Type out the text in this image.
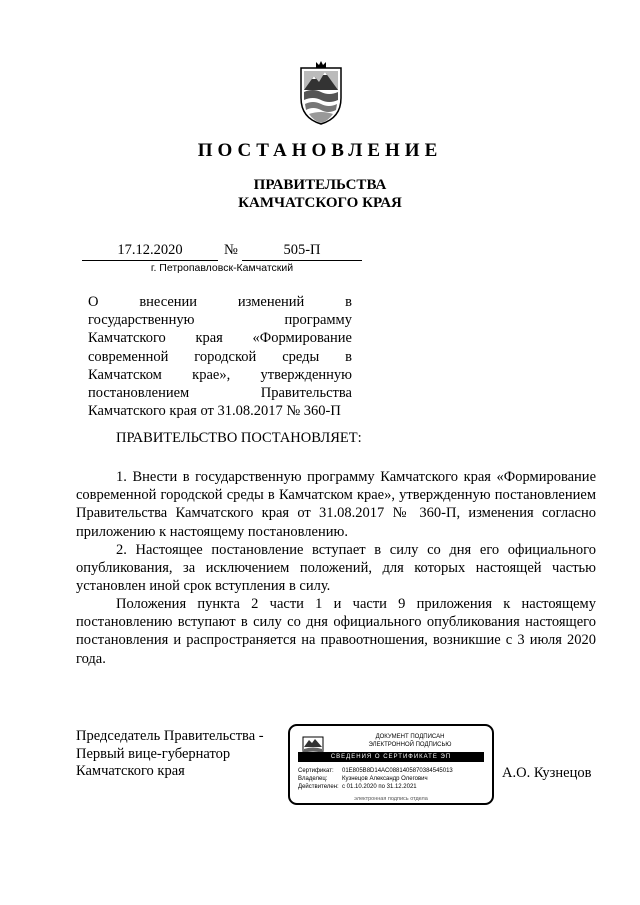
ПОСТАНОВЛЕНИЕ
ПРАВИТЕЛЬСТВА
КАМЧАТСКОГО КРАЯ
17.12.2020	№	505-П
г. Петропавловск-Камчатский
О внесении изменений в
государственную программу
Камчатского края «Формирование
современной городской среды в
Камчатском крае», утвержденную
постановлением Правительства
Камчатского края от 31.08.2017 № 360-П
ПРАВИТЕЛЬСТВО ПОСТАНОВЛЯЕТ:
1. Внести в государственную программу Камчатского края «Формирование современной городской среды в Камчатском крае», утвержденную постановлением Правительства Камчатского края от 31.08.2017 № 360-П, изменения согласно приложению к настоящему постановлению.
2. Настоящее постановление вступает в силу со дня его официального опубликования, за исключением положений, для которых настоящей частью установлен иной срок вступления в силу.
Положения пункта 2 части 1 и части 9 приложения к настоящему постановлению вступают в силу со дня официального опубликования настоящего постановления и распространяется на правоотношения, возникшие с 3 июля 2020 года.
Председатель Правительства -
Первый вице-губернатор
Камчатского края
ДОКУМЕНТ ПОДПИСАН
ЭЛЕКТРОННОЙ ПОДПИСЬЮ
СВЕДЕНИЯ О СЕРТИФИКАТЕ ЭП
Сертификат:	01E805B8D14AC0881405870384545013
Владелец:	Кузнецов Александр Олегович
Действителен: с 01.10.2020 по 31.12.2021
электронная подпись отдела
А.О. Кузнецов
